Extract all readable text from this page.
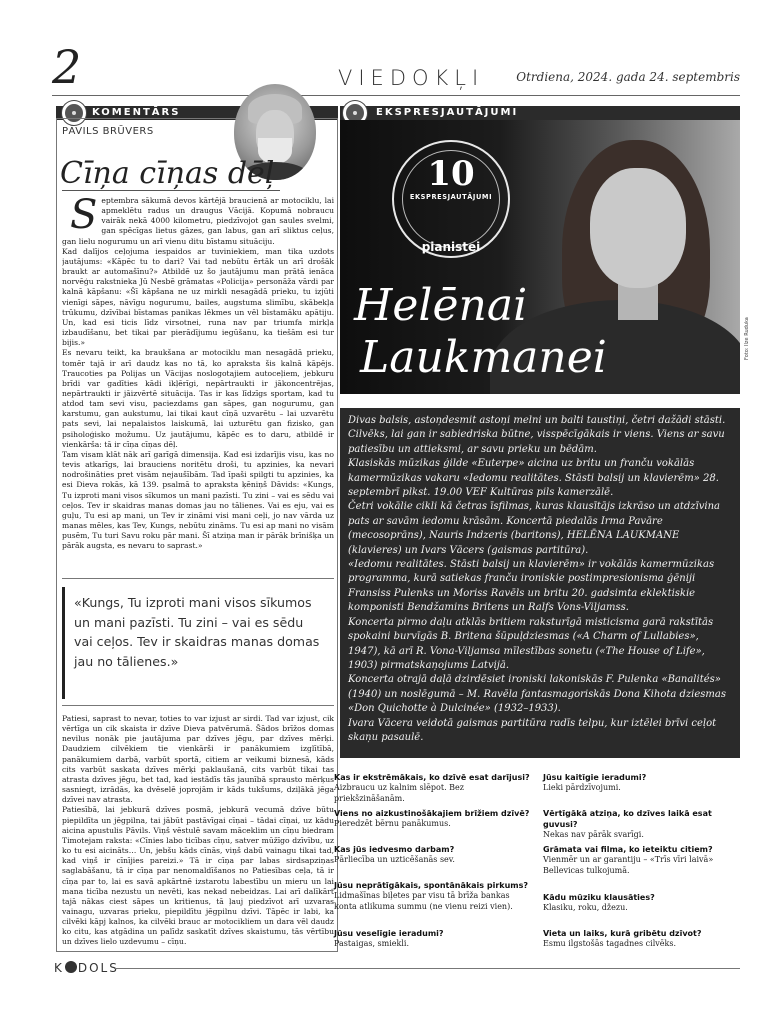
2	VIEDOKĻI	Otrdiena, 2024. gada 24. septembris
KOMENTĀRS
PĀVILS BRŪVERS
Cīņa cīņas dēļ

Septembra sākumā devos kārtējā braucienā ar motociklu, lai apmeklētu radus un draugus Vācijā. Kopumā nobraucu vairāk nekā 4000 kilometru, piedzīvojot gan saules svelmi, gan spēcīgas lietus gāzes, gan labus, gan arī sliktus ceļus, gan lielu nogurumu un arī vienu ditu bīstamu situāciju.

Kad dalījos ceļojuma iespaidos ar tuviniekiem, man tika uzdots jautājums: «Kāpēc tu to dari? Vai tad nebūtu ērtāk un arī drošāk braukt ar automašīnu?» Atbildē uz šo jautājumu man prātā ienāca norvēģu rakstnieka Jū Nesbē grāmatas «Policija» personāža vārdi par kalnā kāpšanu: «Šī kāpšana ne uz mirkli nesagādā prieku, tu izjūti vienīgi sāpes, nāvīgu nogurumu, bailes, augstuma slimību, skābekļa trūkumu, dzīvībai bīstamas panikas lēkmes un vēl bīstamāku apātiju. Un, kad esi ticis līdz virsotnei, runa nav par triumfa mirkļa izbaudīšanu, bet tikai par pierādījumu iegūšanu, ka tiešām esi tur bijis.»

Es nevaru teikt, ka braukšana ar motociklu man nesagādā prieku, tomēr tajā ir arī daudz kas no tā, ko apraksta šis kalnā kāpējs. Traucoties pa Polijas un Vācijas noslogotajiem autoceļiem, jebkuru brīdi var gadīties kādi ikļērīgi, nepārtraukti ir jākoncentrējas, nepārtraukti ir jāizvērtē situācija. Tas ir kas līdzīgs sportam, kad tu atdod tam sevi visu, paciezdams gan sāpes, gan nogurumu, gan karstumu, gan aukstumu, lai tikai kaut cīņā uzvarētu – lai uzvarētu pats sevi, lai nepalaistos laiskumā, lai uzturētu gan fizisko, gan psiholoģisko možumu. Uz jautājumu, kāpēc es to daru, atbildē ir vienkārša: tā ir cīņa cīņas dēļ.

Tam visam klāt nāk arī garīgā dimensija. Kad esi izdarījis visu, kas no tevis atkarīgs, lai brauciens noritētu droši, tu apzinies, ka nevari nodrošināties pret visām nejaušībām. Tad īpaši spilgti tu apzinies, ka esi Dieva rokās, kā 139. psalmā to apraksta ķēniņš Dāvids: «Kungs, Tu izproti mani visos sīkumos un mani pazīsti. Tu zini – vai es sēdu vai ceļos. Tev ir skaidras manas domas jau no tālienes. Vai es eju, vai es guļu, Tu esi ap mani, un Tev ir zināmi visi mani ceļi, jo nav vārda uz manas mēles, kas Tev, Kungs, nebūtu zināms. Tu esi ap mani no visām pusēm, Tu turi Savu roku pār mani. Šī atziņa man ir pārāk brīnišķa un pārāk augsta, es nevaru to saprast.»

«Kungs, Tu izproti mani visos sīkumos un mani pazīsti. Tu zini – vai es sēdu vai ceļos. Tev ir skaidras manas domas jau no tālienes.»

Patiesi, saprast to nevar, toties to var izjust ar sirdi. Tad var izjust, cik vērtīga un cik skaista ir dzīve Dieva patvērumā. Šādos brīžos domas nevilus nonāk pie jautājuma par dzīves jēgu, par dzīves mērķi. Daudziem cilvēkiem tie vienkārši ir panākumiem izglītībā, panākumiem darbā, varbūt sportā, citiem ar veikumi biznesā, kāds cits varbūt saskata dzīves mērķi paklaušanā, cits varbūt tikai tas atrasta dzīves jēgu, bet tad, kad iestādīs tās jaunībā sprausto mērķus sasniegt, izrādās, ka dvēselē joprojām ir kāds tukšums, dziļākā jēga dzīvei nav atrasta.

Patiesībā, lai jebkurā dzīves posmā, jebkurā vecumā dzīve būtu piepildīta un jēgpilna, tai jābūt pastāvīgai cīņai – tādai cīņai, uz kādu aicina apustulis Pāvils. Viņš vēstulē savam māceklim un cīņu biedram Timotejam raksta: «Cīnies labo ticības cīņu, satver mūžīgo dzīvību, uz ko tu esi aicināts… Un, jebšu kāds cīnās, viņš dabū vainagu tikai tad, kad viņš ir cīnījies pareizi.» Tā ir cīņa par labas sirdsapziņas saglabāšanu, tā ir cīņa par nenomaldīšanos no Patiesības ceļa, tā ir cīņa par to, lai es savā apkārtnē izstarotu labestību un mieru un lai mana ticība nezustu un nevēti, kas nekad nebeidzas. Lai arī dalīkārt tajā nākas ciest sāpes un kritienus, tā ļauj piedzīvot arī uzvaras vainagu, uzvaras prieku, piepildītu jēgpilnu dzīvi. Tāpēc ir labi, ka cilvēki kāpj kalnos, ka cilvēki brauc ar motocikliem un dara vēl daudz ko citu, kas atgādina un palīdz saskatīt dzīves skaistumu, tās vērtību un dzīves lielo uzdevumu – cīņu.

EKSPRESJAUTĀJUMI
10
EKSPRESJAUTĀJUMI
pianistei
Helēnai
Laukmanei	Foto: Ilze Ruduka

Divas balsis, astoņdesmit astoņi melni un balti taustiņi, četri dažādi stāsti. Cilvēks, lai gan ir sabiedriska būtne, vissрēcīgākais ir viens. Viens ar savu patiesību un attieksmi, ar savu prieku un bēdām.

Klasiskās mūzikas ģilde «Euterpe» aicina uz britu un franču vokālās kamermūzikas vakaru «Iedomu realitātes. Stāsti balsij un klavierēm» 28. septembrī plkst. 19.00 VEF Kultūras pils kamerzālē.

Četri vokālie cikli kā četras īsfilmas, kuras klausītājs izkrāso un atdzīvina pats ar savām iedomu krāsām. Koncertā piedalās Irma Pavāre (mecosoprāns), Nauris Indzeris (baritons), HELĒNA LAUKMANE (klavieres) un Ivars Vācers (gaismas partitūra).

«Iedomu realitātes. Stāsti balsij un klavierēm» ir vokālās kamermūzikas programma, kurā satiekas franču ironiskie postimpresionisma ģēniji Fransiss Pulenks un Moriss Ravēls un britu 20. gadsimta eklektiskie komponisti Bendžamins Britens un Ralfs Vons-Viljamss.

Koncerta pirmo daļu atklās britiem raksturīgā misticisma garā rakstītās spokaini burvīgās B. Britena šūpuļdziesmas («A Charm of Lullabies», 1947), kā arī R. Vona-Viljamsa mīlestības sonetu («The House of Life», 1903) pirmatskaņojums Latvijā.

Koncerta otrajā daļā dzirdēsiet ironiski lakoniskās F. Pulenka «Banalités» (1940) un noslēgumā – M. Ravēla fantasmagoriskās Dona Kihota dziesmas «Don Quichotte à Dulcinée» (1932–1933).

Ivara Vācera veidotā gaismas partitūra radīs telpu, kur iztēlei brīvi ceļot skaņu pasaulē.

Kas ir ekstrēmākais, ko dzīvē esat darījusi?
Aizbraucu uz kalnim slēpot. Bez priekšzināšanām.
Viens no aizkustinošākajiem brīžiem dzīvē?
Pieredzēt bērnu panākumus.
Kas jūs iedvesmo darbam?
Pārliecība un uzticēšanās sev.
Jūsu neprātīgākais, spontānākais pirkums?
Lidmašīnas biļetes par visu tā brīža bankas konta atlikuma summu (ne vienu reizi vien).
Jūsu veselīgie ieradumi?
Pastaigas, smiekli.
Jūsu kaitīgie ieradumi?
Lieki pārdzīvojumi.
Vērtīgākā atziņa, ko dzīves laikā esat guvusi?
Nekas nav pārāk svarīgi.
Grāmata vai filma, ko ieteiktu citiem?
Vienmēr un ar garantiju – «Trīs vīri laivā» Bellevicas tulkojumā.
Kādu mūziku klausāties?
Klasiku, roku, džezu.
Vieta un laiks, kurā gribētu dzīvot?
Esmu ilgstošās tagadnes cilvēks.
K DOLS
